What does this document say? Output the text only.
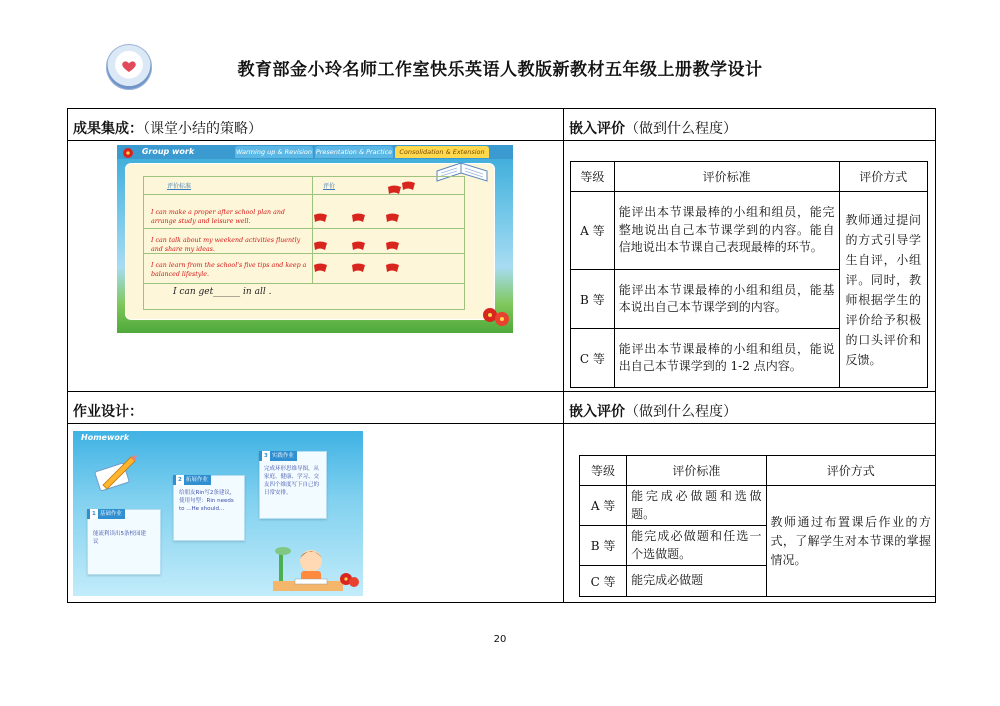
教育部金小玲名师工作室快乐英语人教版新教材五年级上册教学设计
成果集成：（课堂小结的策略）	嵌入评价（做到什么程度）
作业设计：	嵌入评价（做到什么程度）
Group work	Warming up & Revision Presentation & Practice	Consolidation & Extension
评价标准	评价
I can make a proper after school plan and arrange study and leisure well.
I can talk about my weekend activities fluently and share my ideas.
I can learn from the school's five tips and keep a balanced lifestyle.
I can get______ in all .
Homework
1 基础作业
能流利读出5条校园建议
2 拓展作业
给朋友Rin写2条建议，使用句型：Rin needs to ...He should...
3 实践作业
完成环形思维导图，从家庭、健康、学习、交友四个维度写下自己的日常安排。
等级	评价标准	评价方式
A 等	能评出本节课最棒的小组和组员，能完整地说出自己本节课学到的内容。能自信地说出本节课自己表现最棒的环节。	教师通过提问的方式引导学生自评，小组评。同时，教师根据学生的评价给予积极的口头评价和反馈。
B 等	能评出本节课最棒的小组和组员，能基本说出自己本节课学到的内容。	
C 等	能评出本节课最棒的小组和组员，能说出自己本节课学到的 1-2 点内容。	
等级	评价标准	评价方式
A 等	能完成必做题和选做题。	教师通过布置课后作业的方式，了解学生对本节课的掌握情况。
B 等	能完成必做题和任选一个选做题。	
C 等	能完成必做题	
20
